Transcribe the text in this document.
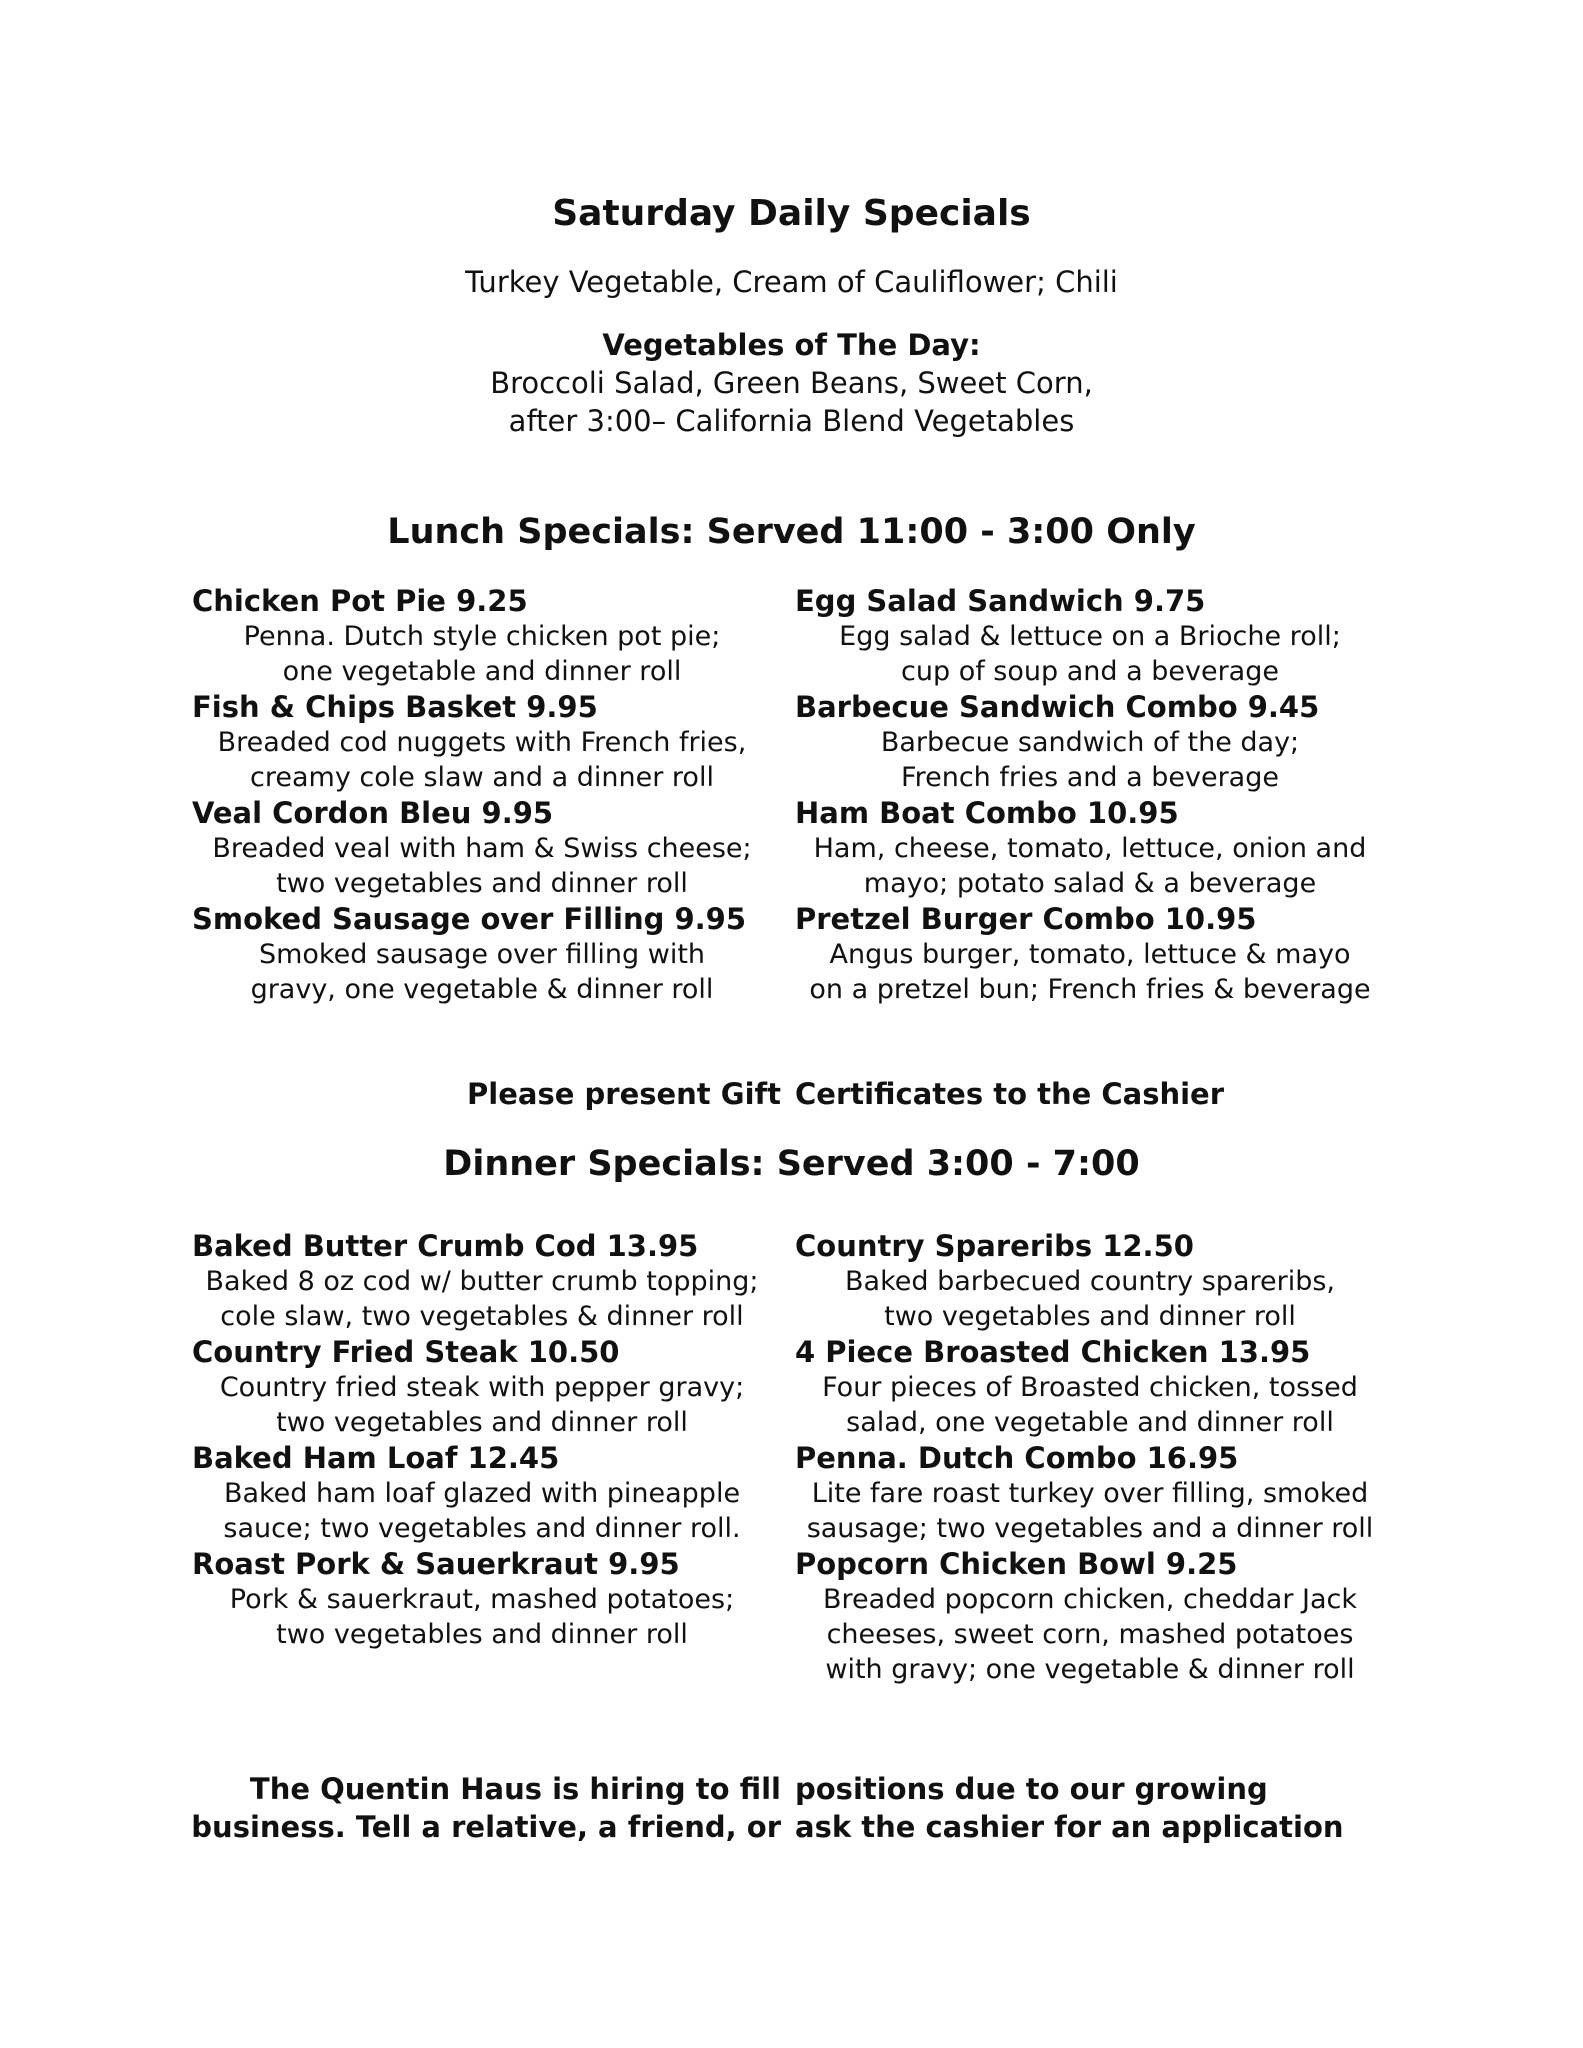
Saturday Daily Specials
Turkey Vegetable, Cream of Cauliflower; Chili
Vegetables of The Day:
Broccoli Salad, Green Beans, Sweet Corn,
after 3:00– California Blend Vegetables
Lunch Specials: Served 11:00 - 3:00 Only
Chicken Pot Pie 9.25
Penna. Dutch style chicken pot pie;
one vegetable and dinner roll
Fish & Chips Basket 9.95
Breaded cod nuggets with French fries,
creamy cole slaw and a dinner roll
Veal Cordon Bleu 9.95
Breaded veal with ham & Swiss cheese;
two vegetables and dinner roll
Smoked Sausage over Filling 9.95
Smoked sausage over filling with
gravy, one vegetable & dinner roll
Egg Salad Sandwich 9.75
Egg salad & lettuce on a Brioche roll;
cup of soup and a beverage
Barbecue Sandwich Combo 9.45
Barbecue sandwich of the day;
French fries and a beverage
Ham Boat Combo 10.95
Ham, cheese, tomato, lettuce, onion and
mayo; potato salad & a beverage
Pretzel Burger Combo 10.95
Angus burger, tomato, lettuce & mayo
on a pretzel bun; French fries & beverage
Please present Gift Certificates to the Cashier
Dinner Specials: Served 3:00 - 7:00
Baked Butter Crumb Cod 13.95
Baked 8 oz cod w/ butter crumb topping;
cole slaw, two vegetables & dinner roll
Country Fried Steak 10.50
Country fried steak with pepper gravy;
two vegetables and dinner roll
Baked Ham Loaf 12.45
Baked ham loaf glazed with pineapple
sauce; two vegetables and dinner roll.
Roast Pork & Sauerkraut 9.95
Pork & sauerkraut, mashed potatoes;
two vegetables and dinner roll
Country Spareribs 12.50
Baked barbecued country spareribs,
two vegetables and dinner roll
4 Piece Broasted Chicken 13.95
Four pieces of Broasted chicken, tossed
salad, one vegetable and dinner roll
Penna. Dutch Combo 16.95
Lite fare roast turkey over filling, smoked
sausage; two vegetables and a dinner roll
Popcorn Chicken Bowl 9.25
Breaded popcorn chicken, cheddar Jack
cheeses, sweet corn, mashed potatoes
with gravy; one vegetable & dinner roll
The Quentin Haus is hiring to fill positions due to our growing
business. Tell a relative, a friend, or ask the cashier for an application
